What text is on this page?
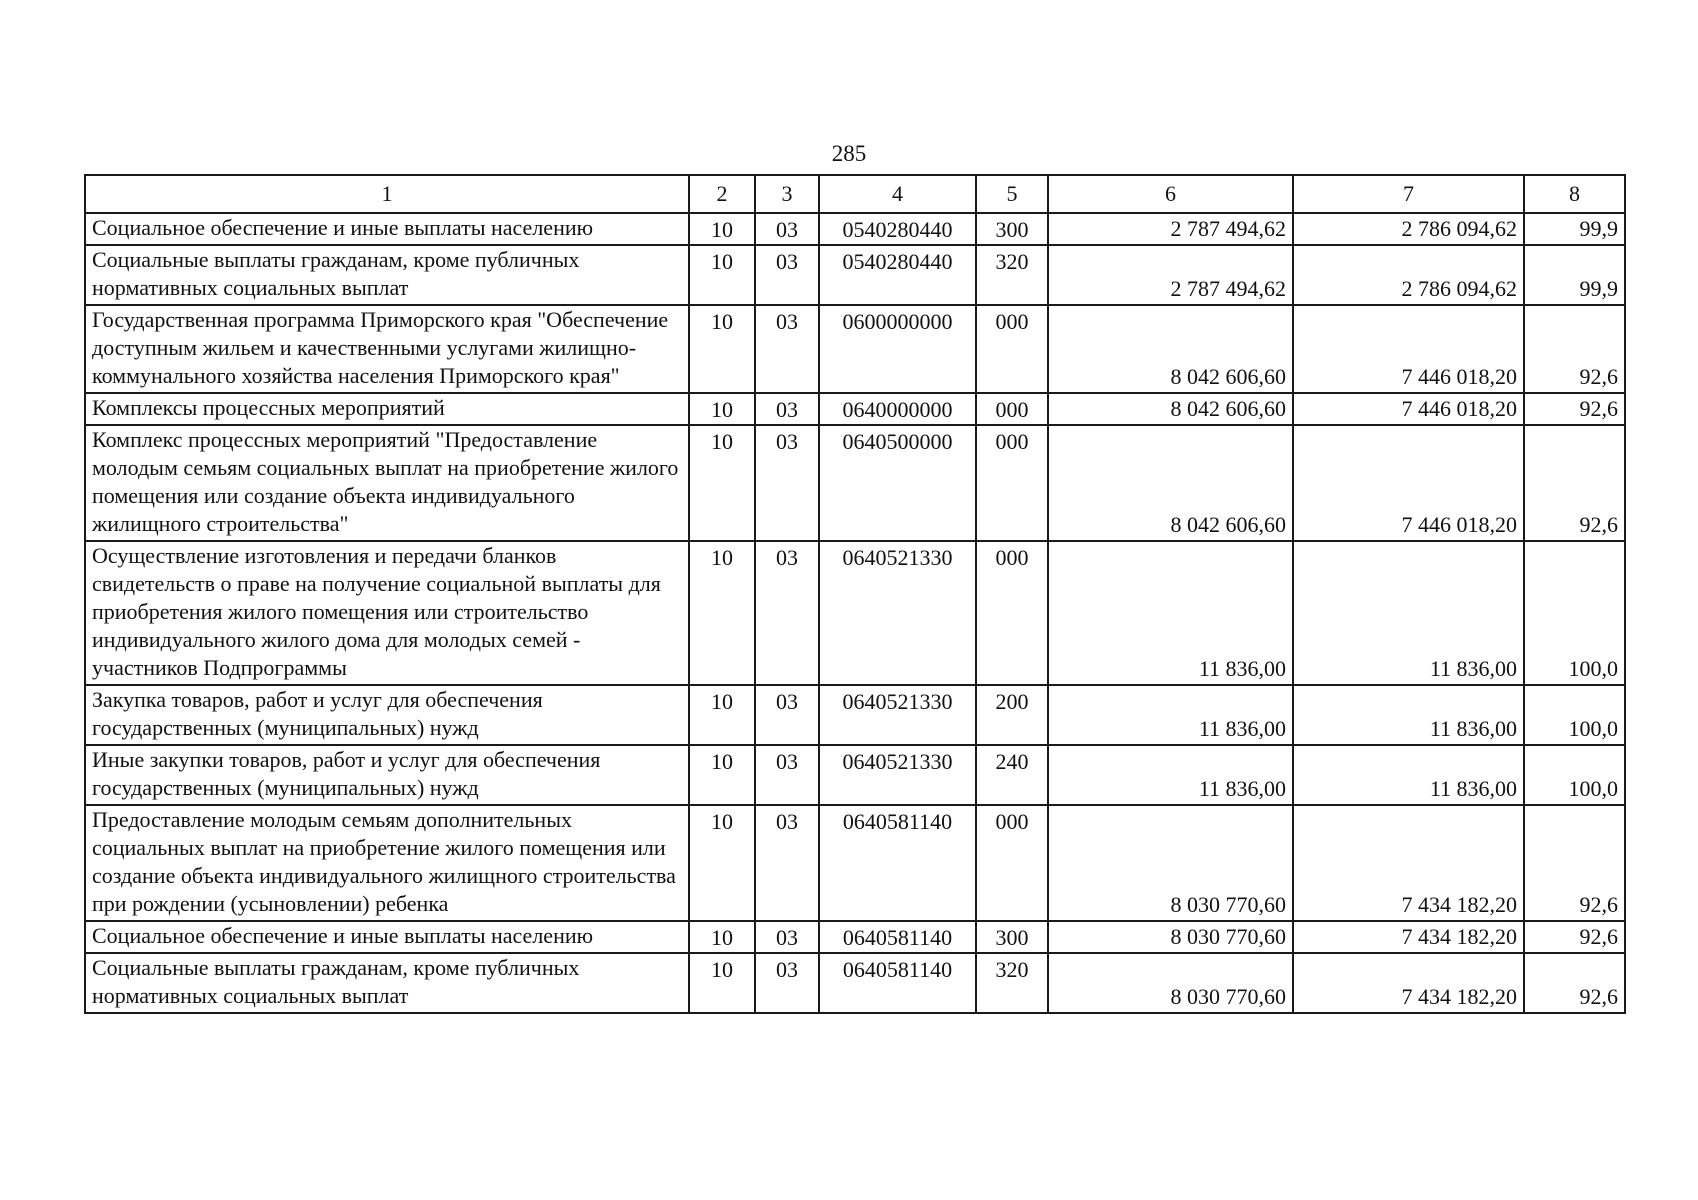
285
1	2	3	4	5	6	7	8
Социальное обеспечение и иные выплаты населению	10	03	0540280440	300	2 787 494,62	2 786 094,62	99,9
Социальные выплаты гражданам, кроме публичных нормативных социальных выплат	10	03	0540280440	320	2 787 494,62	2 786 094,62	99,9
Государственная программа Приморского края "Обеспечение доступным жильем и качественными услугами жилищно-коммунального хозяйства населения Приморского края"	10	03	0600000000	000	8 042 606,60	7 446 018,20	92,6
Комплексы процессных мероприятий	10	03	0640000000	000	8 042 606,60	7 446 018,20	92,6
Комплекс процессных мероприятий "Предоставление молодым семьям социальных выплат на приобретение жилого помещения или создание объекта индивидуального жилищного строительства"	10	03	0640500000	000	8 042 606,60	7 446 018,20	92,6
Осуществление изготовления и передачи бланков свидетельств о праве на получение социальной выплаты для приобретения жилого помещения или строительство индивидуального жилого дома для молодых семей - участников Подпрограммы	10	03	0640521330	000	11 836,00	11 836,00	100,0
Закупка товаров, работ и услуг для обеспечения государственных (муниципальных) нужд	10	03	0640521330	200	11 836,00	11 836,00	100,0
Иные закупки товаров, работ и услуг для обеспечения государственных (муниципальных) нужд	10	03	0640521330	240	11 836,00	11 836,00	100,0
Предоставление молодым семьям дополнительных социальных выплат на приобретение жилого помещения или создание объекта индивидуального жилищного строительства при рождении (усыновлении) ребенка	10	03	0640581140	000	8 030 770,60	7 434 182,20	92,6
Социальное обеспечение и иные выплаты населению	10	03	0640581140	300	8 030 770,60	7 434 182,20	92,6
Социальные выплаты гражданам, кроме публичных нормативных социальных выплат	10	03	0640581140	320	8 030 770,60	7 434 182,20	92,6
